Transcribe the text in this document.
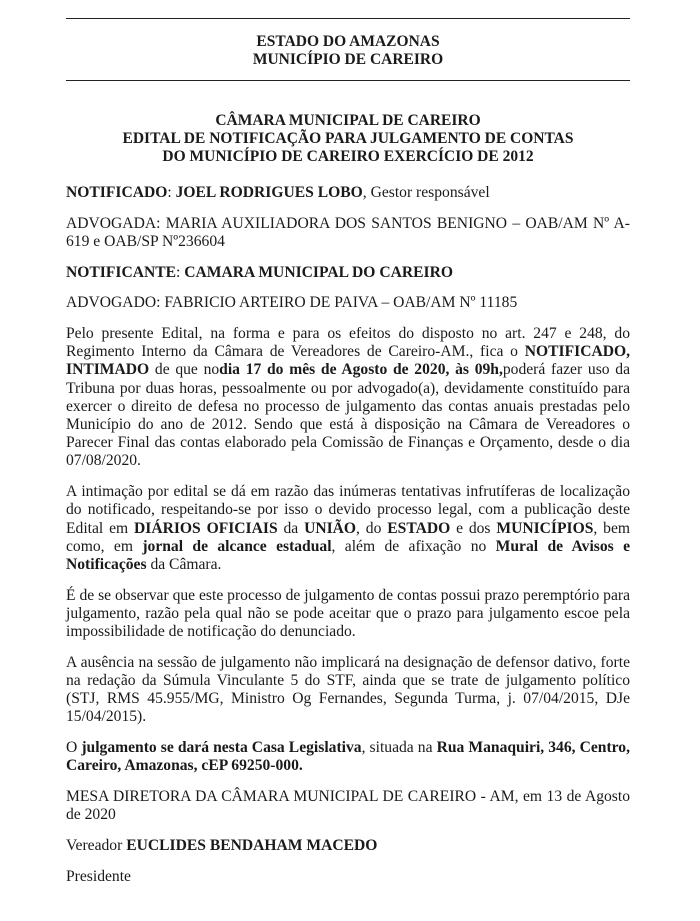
ESTADO DO AMAZONAS
MUNICÍPIO DE CAREIRO
CÂMARA MUNICIPAL DE CAREIRO
EDITAL DE NOTIFICAÇÃO PARA JULGAMENTO DE CONTAS
DO MUNICÍPIO DE CAREIRO EXERCÍCIO DE 2012

NOTIFICADO: JOEL RODRIGUES LOBO, Gestor responsável

ADVOGADA: MARIA AUXILIADORA DOS SANTOS BENIGNO – OAB/AM Nº A-619 e OAB/SP Nº236604

NOTIFICANTE: CAMARA MUNICIPAL DO CAREIRO

ADVOGADO: FABRICIO ARTEIRO DE PAIVA – OAB/AM Nº 11185

Pelo presente Edital, na forma e para os efeitos do disposto no art. 247 e 248, do Regimento Interno da Câmara de Vereadores de Careiro-AM., fica o NOTIFICADO, INTIMADO de que nodia 17 do mês de Agosto de 2020, às 09h,poderá fazer uso da Tribuna por duas horas, pessoalmente ou por advogado(a), devidamente constituído para exercer o direito de defesa no processo de julgamento das contas anuais prestadas pelo Município do ano de 2012. Sendo que está à disposição na Câmara de Vereadores o Parecer Final das contas elaborado pela Comissão de Finanças e Orçamento, desde o dia 07/08/2020.

A intimação por edital se dá em razão das inúmeras tentativas infrutíferas de localização do notificado, respeitando-se por isso o devido processo legal, com a publicação deste Edital em DIÁRIOS OFICIAIS da UNIÃO, do ESTADO e dos MUNICÍPIOS, bem como, em jornal de alcance estadual, além de afixação no Mural de Avisos e Notificações da Câmara.

É de se observar que este processo de julgamento de contas possui prazo peremptório para julgamento, razão pela qual não se pode aceitar que o prazo para julgamento escoe pela impossibilidade de notificação do denunciado.

A ausência na sessão de julgamento não implicará na designação de defensor dativo, forte na redação da Súmula Vinculante 5 do STF, ainda que se trate de julgamento político (STJ, RMS 45.955/MG, Ministro Og Fernandes, Segunda Turma, j. 07/04/2015, DJe 15/04/2015).

O julgamento se dará nesta Casa Legislativa, situada na Rua Manaquiri, 346, Centro, Careiro, Amazonas, cEP 69250-000.

MESA DIRETORA DA CÂMARA MUNICIPAL DE CAREIRO - AM, em 13 de Agosto de 2020

Vereador EUCLIDES BENDAHAM MACEDO

Presidente
